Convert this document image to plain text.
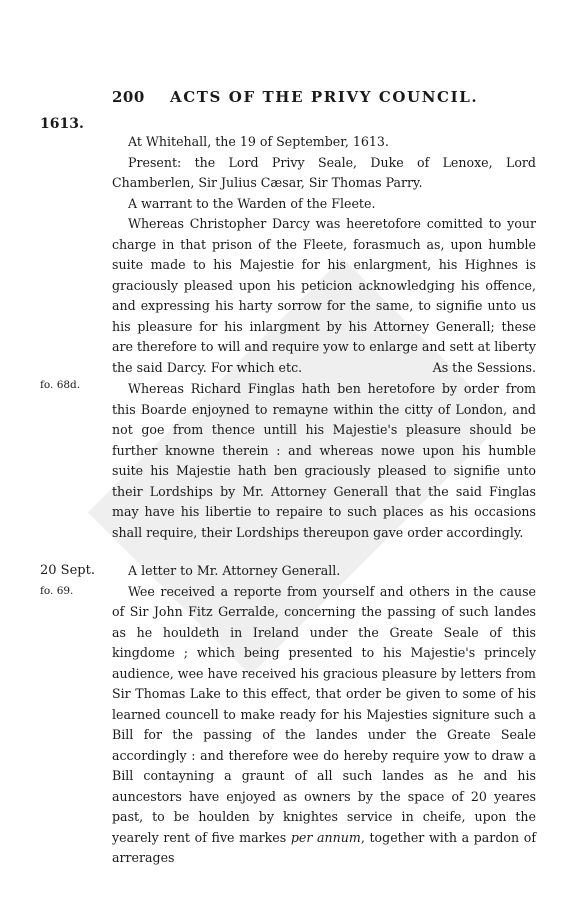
200 ACTS OF THE PRIVY COUNCIL.
1613.
fo. 68d.
20 Sept.
fo. 69.

At Whitehall, the 19 of September, 1613.

Present: the Lord Privy Seale, Duke of Lenoxe, Lord Chamberlen, Sir Julius Cæsar, Sir Thomas Parry.

A warrant to the Warden of the Fleete.

Whereas Christopher Darcy was heeretofore comitted to your charge in that prison of the Fleete, forasmuch as, upon humble suite made to his Majestie for his enlargment, his Highnes is graciously pleased upon his peticion acknowledging his offence, and expressing his harty sorrow for the same, to signifie unto us his pleasure for his inlargment by his Attorney Generall; these are therefore to will and require yow to enlarge and sett at liberty the said Darcy. For which etc.	As the Sessions.

Whereas Richard Finglas hath ben heretofore by order from this Boarde enjoyned to remayne within the citty of London, and not goe from thence untill his Majestie's pleasure should be further knowne therein : and whereas nowe upon his humble suite his Majestie hath ben graciously pleased to signifie unto their Lordships by Mr. Attorney Generall that the said Finglas may have his libertie to repaire to such places as his occasions shall require, their Lordships thereupon gave order accordingly.

A letter to Mr. Attorney Generall.

Wee received a reporte from yourself and others in the cause of Sir John Fitz Gerralde, concerning the passing of such landes as he houldeth in Ireland under the Greate Seale of this kingdome ; which being presented to his Majestie's princely audience, wee have received his gracious pleasure by letters from Sir Thomas Lake to this effect, that order be given to some of his learned councell to make ready for his Majesties signiture such a Bill for the passing of the landes under the Greate Seale accordingly : and therefore wee do hereby require yow to draw a Bill contayning a graunt of all such landes as he and his auncestors have enjoyed as owners by the space of 20 yeares past, to be houlden by knightes service in cheife, upon the yearely rent of five markes per annum, together with a pardon of arrerages
